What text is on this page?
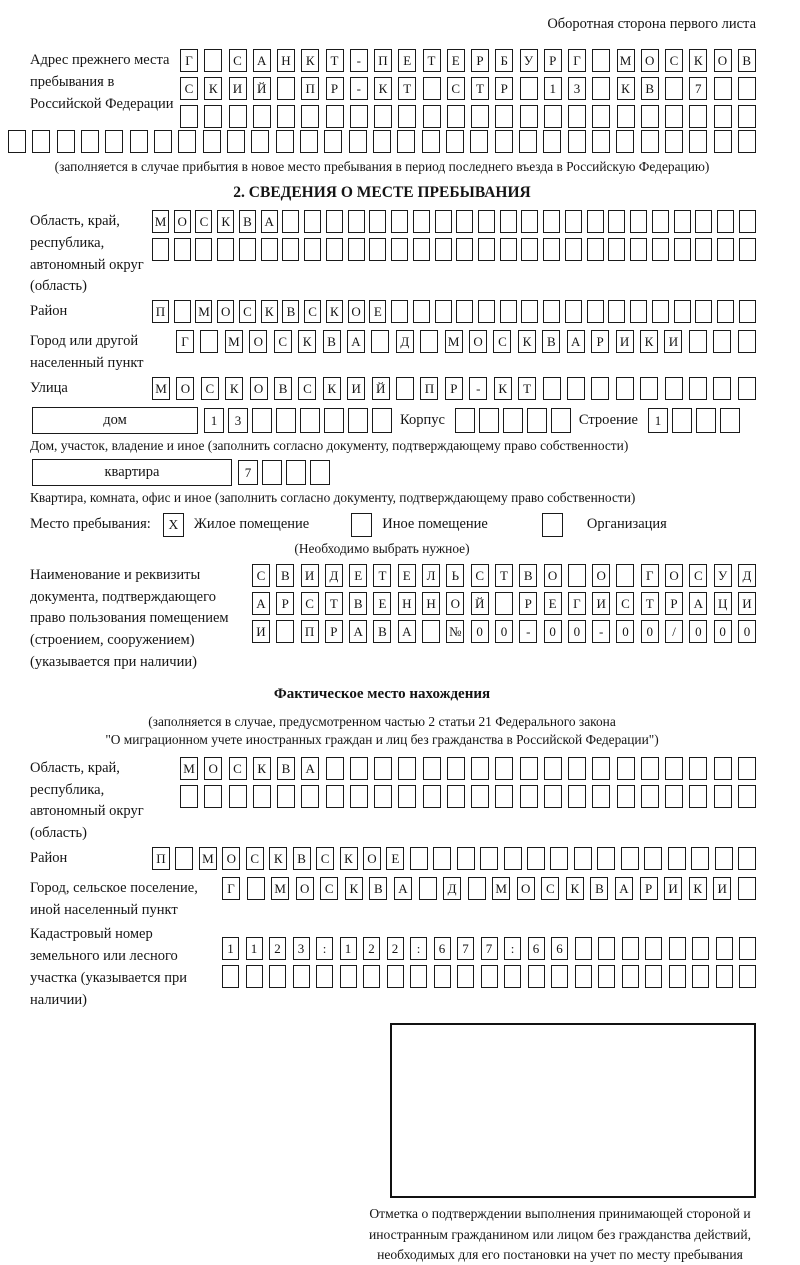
Оборотная сторона первого листа
Адрес прежнего места пребывания в Российской Федерации
Г	С	А	Н	К	Т	-	П	Е	Т	Е	Р	Б	У	Р	Г	М	О	С	К	О	В
С	К	И	Й	П	Р	-	К	Т	С	Т	Р	1	3	К	В	7
(заполняется в случае прибытия в новое место пребывания в период последнего въезда в Российскую Федерацию)
2. СВЕДЕНИЯ О МЕСТЕ ПРЕБЫВАНИЯ
Область, край, республика, автономный округ (область)
М О С	К	В А
Район	П	М О С	К	В	С	К О	Е
Город или другой населенный пункт
Г	М	О	С	К	В	А	Д	М	О	С	К	В	А	Р	И	К	И
Улица	М	О	С	К	О	В	С	К	И	Й	П	Р	-	К	Т
дом	1	3	Корпус	Строение	1
Дом, участок, владение и иное (заполнить согласно документу, подтверждающему право собственности)
квартира	7
Квартира, комната, офис и иное (заполнить согласно документу, подтверждающему право собственности)
Место пребывания:	X	Жилое помещение	Иное помещение	Организация
(Необходимо выбрать нужное)
Наименование и реквизиты документа, подтверждающего право пользования помещением (строением, сооружением) (указывается при наличии)
С	В	И	Д	Е	Т	Е	Л	Ь	С	Т	В	О	О	Г	О	С	У	Д
А	Р	С	Т	В	Е	Н	Н	О	Й	Р	Е	Г	И	С	Т	Р	А	Ц	И
И	П	Р	А	В	А	№	0	0	-	0	0	-	0	0	/	0	0	0
Фактическое место нахождения
(заполняется в случае, предусмотренном частью 2 статьи 21 Федерального закона
"О миграционном учете иностранных граждан и лиц без гражданства в Российской Федерации")
Область, край, республика, автономный округ (область)
М	О	С	К	В	А
Район	П	М О	С	К	В	С	К	О	Е
Город, сельское поселение, иной населенный пункт
Г	М	О	С	К	В	А	Д	М	О	С	К	В	А	Р	И	К	И
Кадастровый номер земельного или лесного участка (указывается при наличии)
1	1	2	3	:	1	2	2	:	6	7	7	:	6	6
Отметка о подтверждении выполнения принимающей стороной и иностранным гражданином или лицом без гражданства действий, необходимых для его постановки на учет по месту пребывания
